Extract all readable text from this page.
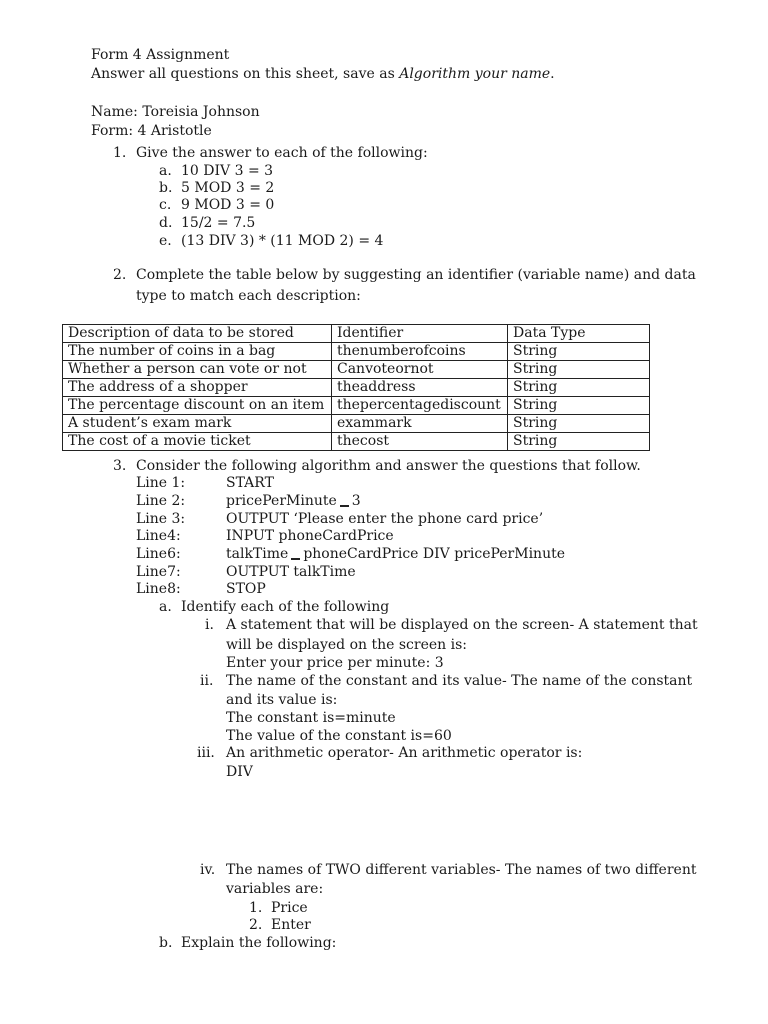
Form 4 Assignment
Answer all questions on this sheet, save as Algorithm your name.
Name: Toreisia Johnson
Form: 4 Aristotle
1. Give the answer to each of the following:
a. 10 DIV 3 = 3
b. 5 MOD 3 = 2
c. 9 MOD 3 = 0
d. 15/2 = 7.5
e. (13 DIV 3) * (11 MOD 2) = 4
2. Complete the table below by suggesting an identifier (variable name) and data
type to match each description:
Description of data to be stored	Identifier	Data Type
The number of coins in a bag	thenumberofcoins	String
Whether a person can vote or not	Canvoteornot	String
The address of a shopper	theaddress	String
The percentage discount on an item	thepercentagediscount	String
A student’s exam mark	exammark	String
The cost of a movie ticket	thecost	String
3. Consider the following algorithm and answer the questions that follow.
Line 1:	START
Line 2:	pricePerMinute 3
Line 3:	OUTPUT ‘Please enter the phone card price’
Line4:	INPUT phoneCardPrice
Line6:	talkTime phoneCardPrice DIV pricePerMinute
Line7:	OUTPUT talkTime
Line8:	STOP
a. Identify each of the following
i. A statement that will be displayed on the screen- A statement that
will be displayed on the screen is:
Enter your price per minute: 3
ii. The name of the constant and its value- The name of the constant
and its value is:
The constant is=minute
The value of the constant is=60
iii. An arithmetic operator- An arithmetic operator is:
DIV
iv. The names of TWO different variables- The names of two different
variables are:
1. Price
2. Enter
b. Explain the following:
